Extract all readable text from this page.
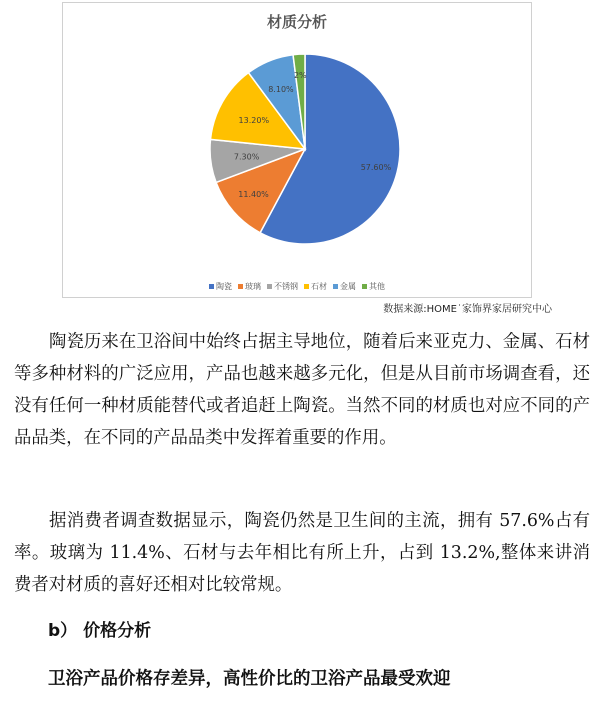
材质分析
57.60%
11.40%
7.30%
13.20%
8.10%
2%
陶瓷 玻璃 不锈钢 石材 金属 其他
数据来源:HOME˙家饰界家居研究中心

陶瓷历来在卫浴间中始终占据主导地位，随着后来亚克力、金属、石材等多种材料的广泛应用，产品也越来越多元化，但是从目前市场调查看，还没有任何一种材质能替代或者追赶上陶瓷。当然不同的材质也对应不同的产品品类，在不同的产品品类中发挥着重要的作用。

据消费者调查数据显示，陶瓷仍然是卫生间的主流，拥有 57.6%占有率。玻璃为 11.4%、石材与去年相比有所上升，占到 13.2%,整体来讲消费者对材质的喜好还相对比较常规。

b） 价格分析
卫浴产品价格存差异，高性价比的卫浴产品最受欢迎
